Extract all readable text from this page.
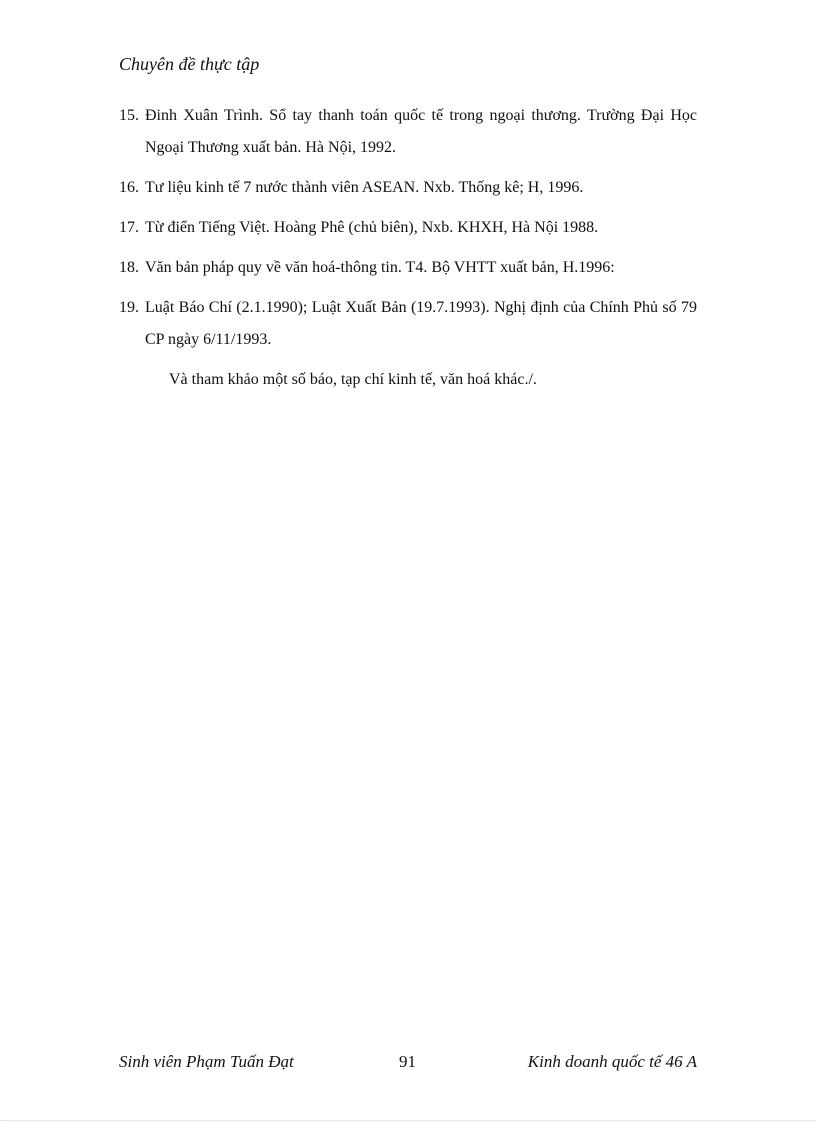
Chuyên đề thực tập
15. Đinh Xuân Trình. Sổ tay thanh toán quốc tế trong ngoại thương. Trường Đại Học Ngoại Thương xuất bản. Hà Nội, 1992.
16. Tư liệu kinh tế 7 nước thành viên ASEAN. Nxb. Thống kê; H, 1996.
17. Từ điển Tiếng Việt. Hoàng Phê (chủ biên), Nxb. KHXH, Hà Nội 1988.
18. Văn bản pháp quy về văn hoá-thông tin. T4. Bộ VHTT xuất bản, H.1996:
19. Luật Báo Chí (2.1.1990); Luật Xuất Bản (19.7.1993). Nghị định của Chính Phủ số 79 CP ngày 6/11/1993.
Và tham khảo một số báo, tạp chí kinh tế, văn hoá khác./.
Sinh viên Phạm Tuấn Đạt	91	Kinh doanh quốc tế 46 A
